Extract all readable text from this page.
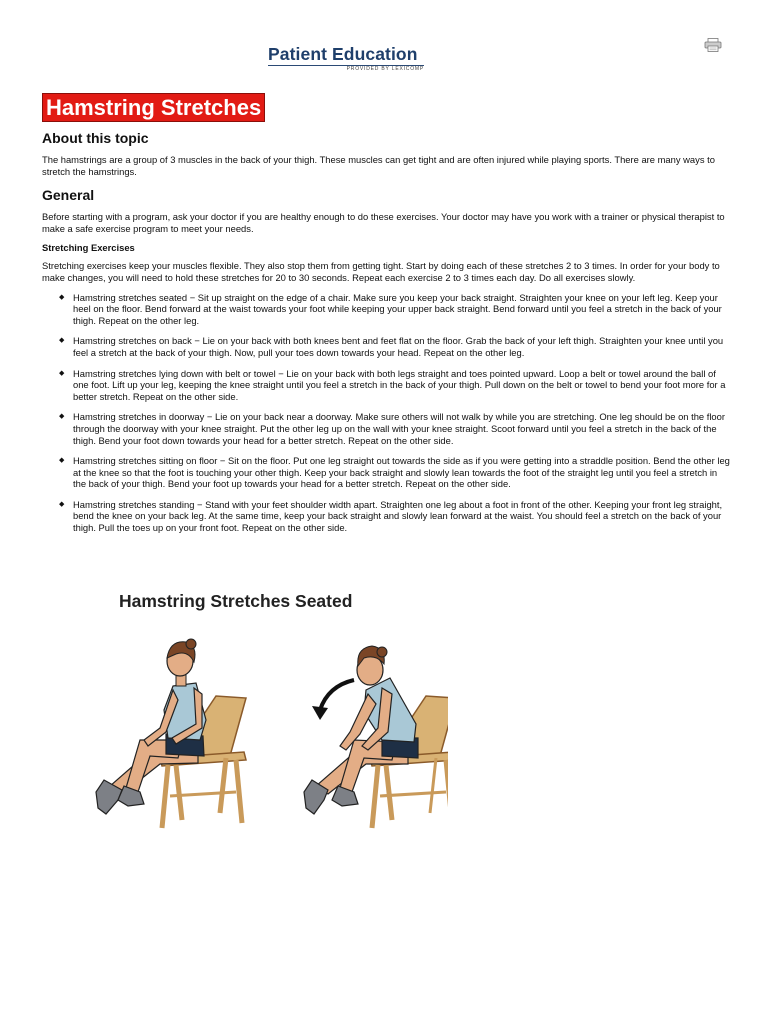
Patient Education
PROVIDED BY LEXICOMP
Hamstring Stretches
About this topic

The hamstrings are a group of 3 muscles in the back of your thigh. These muscles can get tight and are often injured while playing sports. There are many ways to stretch the hamstrings.

General

Before starting with a program, ask your doctor if you are healthy enough to do these exercises. Your doctor may have you work with a trainer or physical therapist to make a safe exercise program to meet your needs.

Stretching Exercises

Stretching exercises keep your muscles flexible. They also stop them from getting tight. Start by doing each of these stretches 2 to 3 times. In order for your body to make changes, you will need to hold these stretches for 20 to 30 seconds. Repeat each exercise 2 to 3 times each day. Do all exercises slowly.

◆ Hamstring stretches seated − Sit up straight on the edge of a chair. Make sure you keep your back straight. Straighten your knee on your left leg. Keep your heel on the floor. Bend forward at the waist towards your foot while keeping your upper back straight. Bend forward until you feel a stretch in the back of your thigh. Repeat on the other leg.
◆ Hamstring stretches on back − Lie on your back with both knees bent and feet flat on the floor. Grab the back of your left thigh. Straighten your knee until you feel a stretch at the back of your thigh. Now, pull your toes down towards your head. Repeat on the other leg.
◆ Hamstring stretches lying down with belt or towel − Lie on your back with both legs straight and toes pointed upward. Loop a belt or towel around the ball of one foot. Lift up your leg, keeping the knee straight until you feel a stretch in the back of your thigh. Pull down on the belt or towel to bend your foot more for a better stretch. Repeat on the other side.
◆ Hamstring stretches in doorway − Lie on your back near a doorway. Make sure others will not walk by while you are stretching. One leg should be on the floor through the doorway with your knee straight. Put the other leg up on the wall with your knee straight. Scoot forward until you feel a stretch in the back of the thigh. Bend your foot down towards your head for a better stretch. Repeat on the other side.
◆ Hamstring stretches sitting on floor − Sit on the floor. Put one leg straight out towards the side as if you were getting into a straddle position. Bend the other leg at the knee so that the foot is touching your other thigh. Keep your back straight and slowly lean towards the foot of the straight leg until you feel a stretch in the back of your thigh. Bend your foot up towards your head for a better stretch. Repeat on the other side.
◆ Hamstring stretches standing − Stand with your feet shoulder width apart. Straighten one leg about a foot in front of the other. Keeping your front leg straight, bend the knee on your back leg. At the same time, keep your back straight and slowly lean forward at the waist. You should feel a stretch on the back of your thigh. Pull the toes up on your front foot. Repeat on the other side.
Hamstring Stretches Seated
